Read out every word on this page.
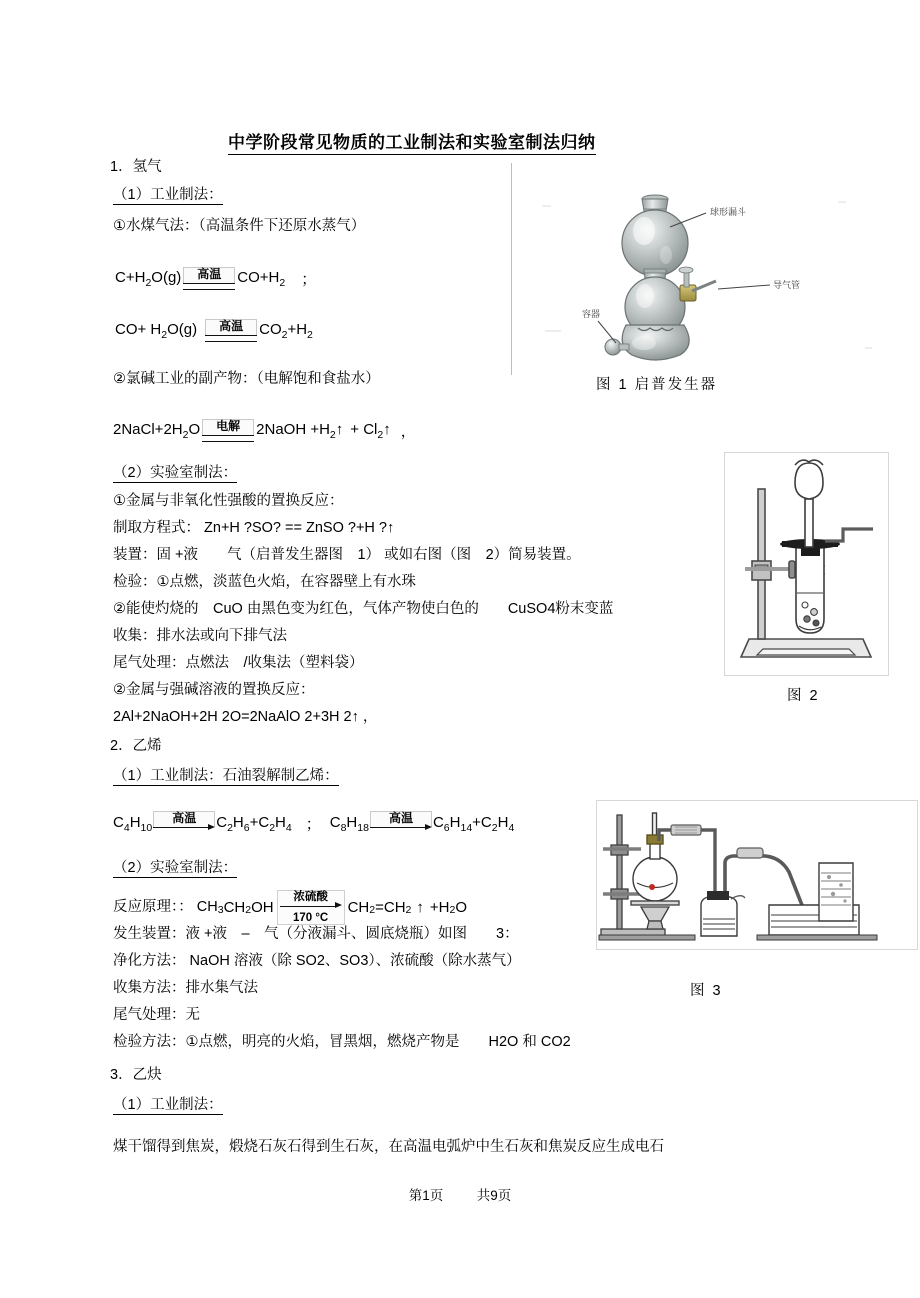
中学阶段常见物质的工业制法和实验室制法归纳
1．氢气
（1）工业制法：
①水煤气法：（高温条件下还原水蒸气）
$C+H_2O(g)$	高温	$CO+H_2$ ；
$CO+ H_2O(g)$	高温	$CO_2+H_2$
②氯碱工业的副产物：（电解饱和食盐水）
$2NaCl+2H_2O$	电解	2NaOH $+H_2↑$ + $Cl_2↑$ ，
（2）实验室制法：
①金属与非氧化性强酸的置换反应：
制取方程式： Zn+H ?SO? == ZnSO ?+H ?↑
装置：固 +液　　气（启普发生器图　1） 或如右图（图　2）简易装置。
检验：①点燃，淡蓝色火焰，在容器壁上有水珠
②能使灼烧的　CuO 由黑色变为红色，气体产物使白色的　　CuSO4粉末变蓝
收集：排水法或向下排气法
尾气处理：点燃法　/收集法（塑料袋）
②金属与强碱溶液的置换反应：
2Al+2NaOH+2H 2O=2NaAlO 2+3H 2↑ ，
2．乙烯
（1）工业制法：石油裂解制乙烯：
$C_4H_{10}$
高温	$C_2H_6+C_2H_4$ ； $C_8H_{18}$
高温	$C_6H_{14}+C_2H_4$
（2）实验室制法：
反应原理：： CH 3 CH 2 OH
浓硫酸
170 °C
CH 2 =CH 2 ↑ +H 2 O
发生装置：液 +液　–　气（分液漏斗、圆底烧瓶）如图　　3：
净化方法： NaOH 溶液（除 SO2、SO3）、浓硫酸（除水蒸气）
收集方法：排水集气法
尾气处理：无
检验方法：①点燃，明亮的火焰，冒黑烟，燃烧产物是　　H2O 和 CO2
3．乙炔
（1）工业制法：
煤干馏得到焦炭，煅烧石灰石得到生石灰，在高温电弧炉中生石灰和焦炭反应生成电石
球形漏斗
导气管
容器
图 1 启普发生器
图 2
图 3
第1页 共9页
